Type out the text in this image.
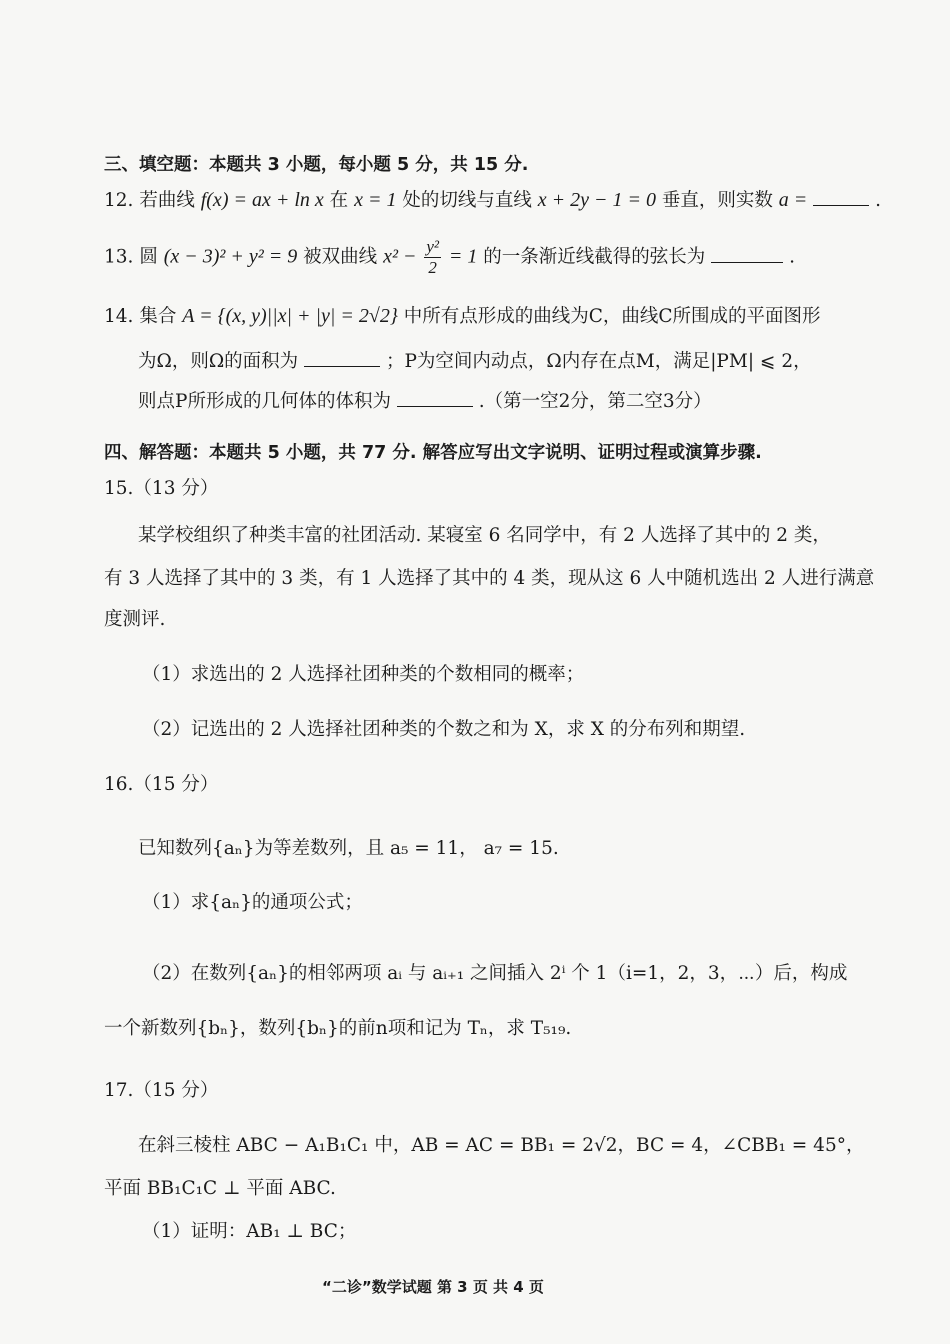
三、填空题：本题共 3 小题，每小题 5 分，共 15 分.
12. 若曲线 f(x) = ax + ln x 在 x = 1 处的切线与直线 x + 2y − 1 = 0 垂直，则实数 a =	.
13. 圆 (x − 3)² + y² = 9 被双曲线 $x^2 - \frac{\text{y²}}{2} = 1$ 的一条渐近线截得的弦长为	.
14. 集合 A = {(x, y)||x| + |y| = 2√2} 中所有点形成的曲线为C，曲线C所围成的平面图形
为Ω，则Ω的面积为	；P为空间内动点，Ω内存在点M，满足|PM| ⩽ 2，
则点P所形成的几何体的体积为	.（第一空2分，第二空3分）
四、解答题：本题共 5 小题，共 77 分. 解答应写出文字说明、证明过程或演算步骤.
15.（13 分）
某学校组织了种类丰富的社团活动. 某寝室 6 名同学中，有 2 人选择了其中的 2 类，
有 3 人选择了其中的 3 类，有 1 人选择了其中的 4 类，现从这 6 人中随机选出 2 人进行满意
度测评.
（1）求选出的 2 人选择社团种类的个数相同的概率；
（2）记选出的 2 人选择社团种类的个数之和为 X，求 X 的分布列和期望.
16.（15 分）
已知数列{aₙ}为等差数列，且 a₅ = 11， a₇ = 15.
（1）求{aₙ}的通项公式；
（2）在数列{aₙ}的相邻两项 aᵢ 与 aᵢ₊₁ 之间插入 2ⁱ 个 1（i=1，2，3，⋯）后，构成
一个新数列{bₙ}，数列{bₙ}的前n项和记为 Tₙ，求 T₅₁₉.
17.（15 分）
在斜三棱柱 ABC − A₁B₁C₁ 中，AB = AC = BB₁ = 2√2，BC = 4，∠CBB₁ = 45°，
平面 BB₁C₁C ⊥ 平面 ABC.
（1）证明：AB₁ ⊥ BC；
“二诊”数学试题 第 3 页 共 4 页
